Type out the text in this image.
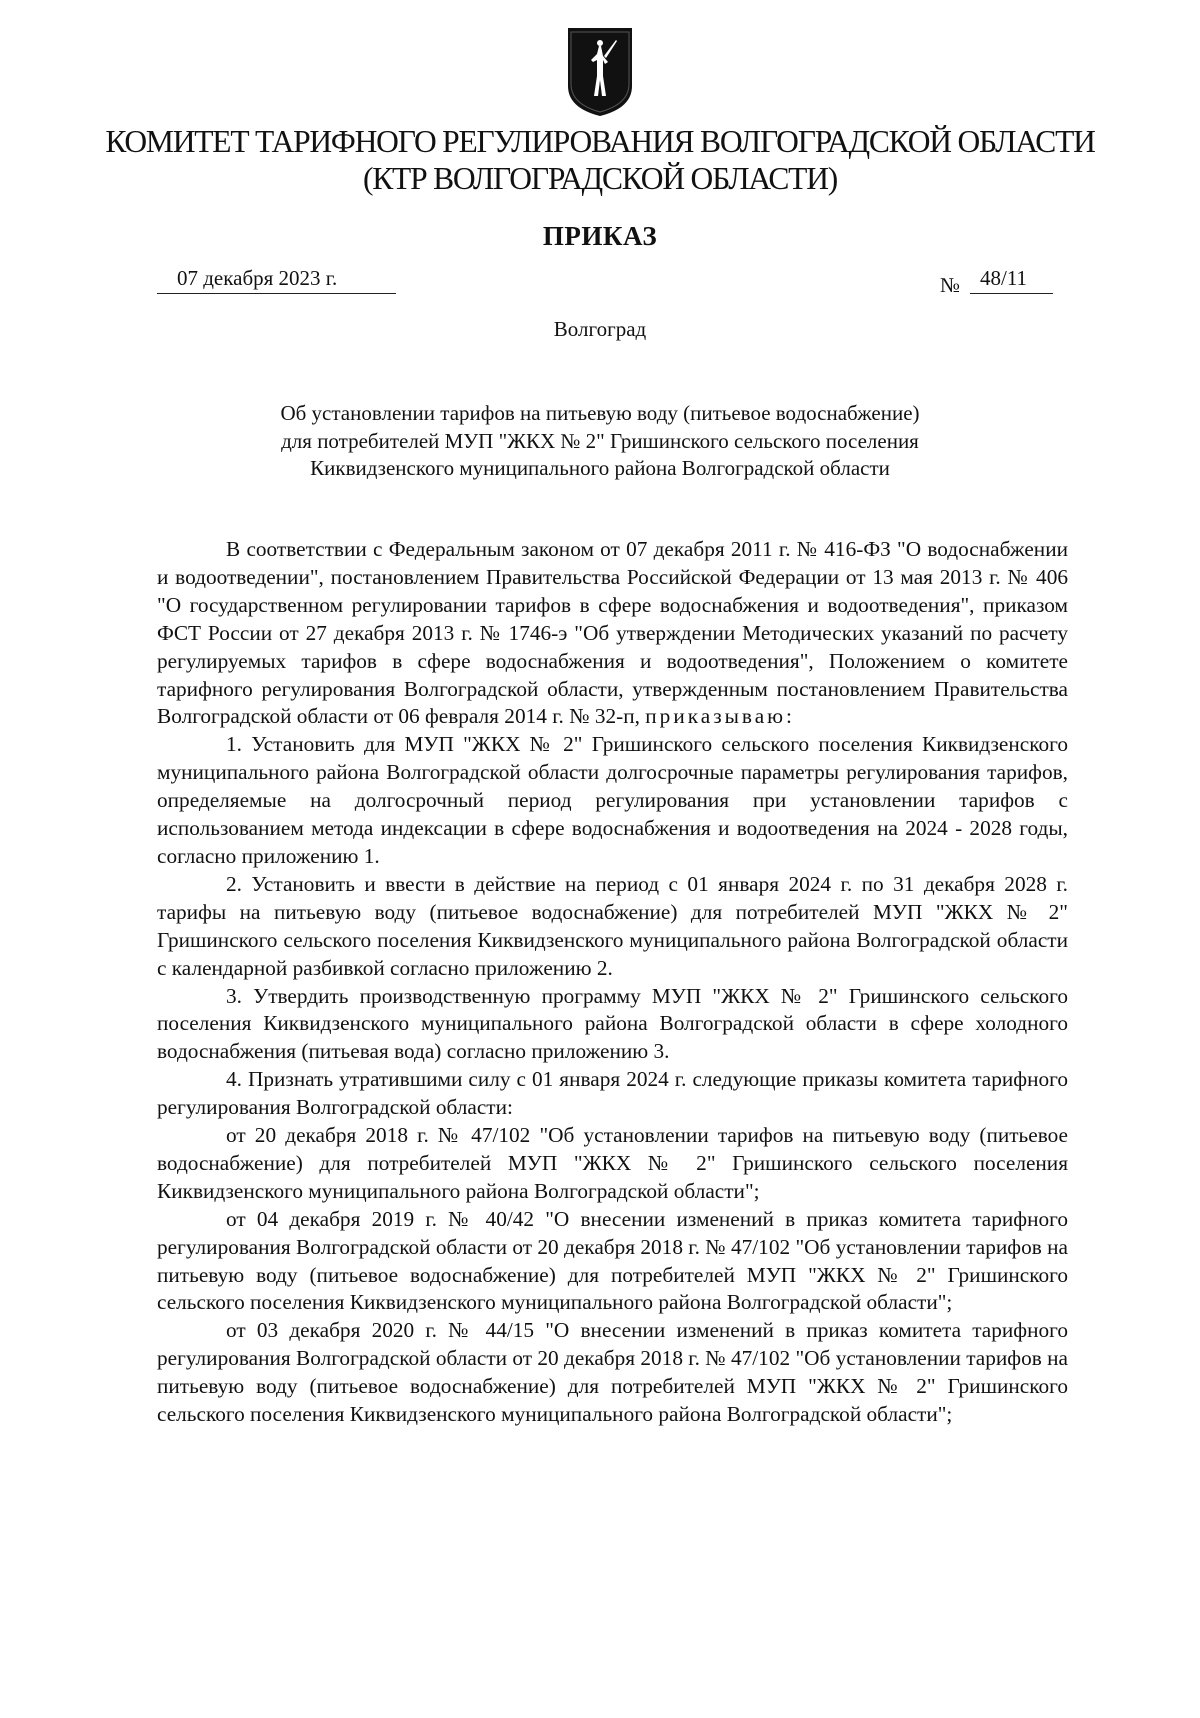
КОМИТЕТ ТАРИФНОГО РЕГУЛИРОВАНИЯ ВОЛГОГРАДСКОЙ ОБЛАСТИ
(КТР ВОЛГОГРАДСКОЙ ОБЛАСТИ)
ПРИКАЗ
07 декабря 2023 г.	№ 48/11
Волгоград
Об установлении тарифов на питьевую воду (питьевое водоснабжение)
для потребителей МУП "ЖКХ № 2" Гришинского сельского поселения
Киквидзенского муниципального района Волгоградской области

В соответствии с Федеральным законом от 07 декабря 2011 г. № 416-ФЗ "О водоснабжении и водоотведении", постановлением Правительства Российской Федерации от 13 мая 2013 г. № 406 "О государственном регулировании тарифов в сфере водоснабжения и водоотведения", приказом ФСТ России от 27 декабря 2013 г. № 1746-э "Об утверждении Методических указаний по расчету регулируемых тарифов в сфере водоснабжения и водоотведения", Положением о комитете тарифного регулирования Волгоградской области, утвержденным постановлением Правительства Волгоградской области от 06 февраля 2014 г. № 32-п, приказываю:

1. Установить для МУП "ЖКХ № 2" Гришинского сельского поселения Киквидзенского муниципального района Волгоградской области долгосрочные параметры регулирования тарифов, определяемые на долгосрочный период регулирования при установлении тарифов с использованием метода индексации в сфере водоснабжения и водоотведения на 2024 - 2028 годы, согласно приложению 1.

2. Установить и ввести в действие на период с 01 января 2024 г. по 31 декабря 2028 г. тарифы на питьевую воду (питьевое водоснабжение) для потребителей МУП "ЖКХ № 2" Гришинского сельского поселения Киквидзенского муниципального района Волгоградской области с календарной разбивкой согласно приложению 2.

3. Утвердить производственную программу МУП "ЖКХ № 2" Гришинского сельского поселения Киквидзенского муниципального района Волгоградской области в сфере холодного водоснабжения (питьевая вода) согласно приложению 3.

4. Признать утратившими силу с 01 января 2024 г. следующие приказы комитета тарифного регулирования Волгоградской области:

от 20 декабря 2018 г. № 47/102 "Об установлении тарифов на питьевую воду (питьевое водоснабжение) для потребителей МУП "ЖКХ № 2" Гришинского сельского поселения Киквидзенского муниципального района Волгоградской области";

от 04 декабря 2019 г. № 40/42 "О внесении изменений в приказ комитета тарифного регулирования Волгоградской области от 20 декабря 2018 г. № 47/102 "Об установлении тарифов на питьевую воду (питьевое водоснабжение) для потребителей МУП "ЖКХ № 2" Гришинского сельского поселения Киквидзенского муниципального района Волгоградской области";

от 03 декабря 2020 г. № 44/15 "О внесении изменений в приказ комитета тарифного регулирования Волгоградской области от 20 декабря 2018 г. № 47/102 "Об установлении тарифов на питьевую воду (питьевое водоснабжение) для потребителей МУП "ЖКХ № 2" Гришинского сельского поселения Киквидзенского муниципального района Волгоградской области";
